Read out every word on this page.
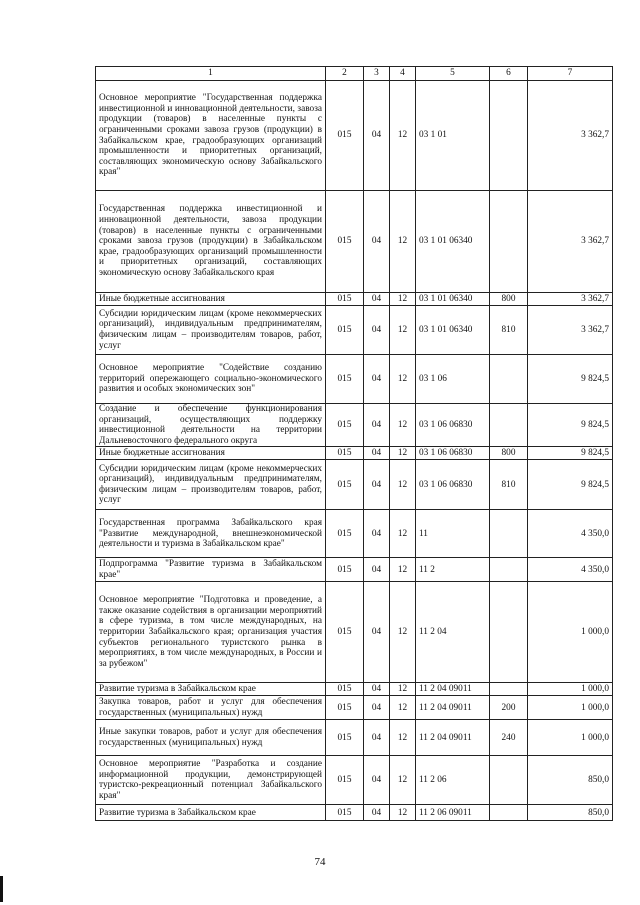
1	2	3	4	5	6	7
Основное мероприятие "Государственная поддержка инвестиционной и инновационной деятельности, завоза продукции (товаров) в населенные пункты с ограниченными сроками завоза грузов (продукции) в Забайкальском крае, градообразующих организаций промышленности и приоритетных организаций, составляющих экономическую основу Забайкальского края"	015	04	12	03 1 01		3 362,7
Государственная поддержка инвестиционной и инновационной деятельности, завоза продукции (товаров) в населенные пункты с ограниченными сроками завоза грузов (продукции) в Забайкальском крае, градообразующих организаций промышленности и приоритетных организаций, составляющих экономическую основу Забайкальского края	015	04	12	03 1 01 06340		3 362,7
Иные бюджетные ассигнования	015	04	12	03 1 01 06340	800	3 362,7
Субсидии юридическим лицам (кроме некоммерческих организаций), индивидуальным предпринимателям, физическим лицам – производителям товаров, работ, услуг	015	04	12	03 1 01 06340	810	3 362,7
Основное мероприятие "Содействие созданию территорий опережающего социально-экономического развития и особых экономических зон"	015	04	12	03 1 06		9 824,5
Создание и обеспечение функционирования организаций, осуществляющих поддержку инвестиционной деятельности на территории Дальневосточного федерального округа	015	04	12	03 1 06 06830		9 824,5
Иные бюджетные ассигнования	015	04	12	03 1 06 06830	800	9 824,5
Субсидии юридическим лицам (кроме некоммерческих организаций), индивидуальным предпринимателям, физическим лицам – производителям товаров, работ, услуг	015	04	12	03 1 06 06830	810	9 824,5
Государственная программа Забайкальского края "Развитие международной, внешнеэкономической деятельности и туризма в Забайкальском крае"	015	04	12	11		4 350,0
Подпрограмма "Развитие туризма в Забайкальском крае"	015	04	12	11 2		4 350,0
Основное мероприятие "Подготовка и проведение, а также оказание содействия в организации мероприятий в сфере туризма, в том числе международных, на территории Забайкальского края; организация участия субъектов регионального туристского рынка в мероприятиях, в том числе международных, в России и за рубежом"	015	04	12	11 2 04		1 000,0
Развитие туризма в Забайкальском крае	015	04	12	11 2 04 09011		1 000,0
Закупка товаров, работ и услуг для обеспечения государственных (муниципальных) нужд	015	04	12	11 2 04 09011	200	1 000,0
Иные закупки товаров, работ и услуг для обеспечения государственных (муниципальных) нужд	015	04	12	11 2 04 09011	240	1 000,0
Основное мероприятие "Разработка и создание информационной продукции, демонстрирующей туристско-рекреационный потенциал Забайкальского края"	015	04	12	11 2 06		850,0
Развитие туризма в Забайкальском крае	015	04	12	11 2 06 09011		850,0
74
